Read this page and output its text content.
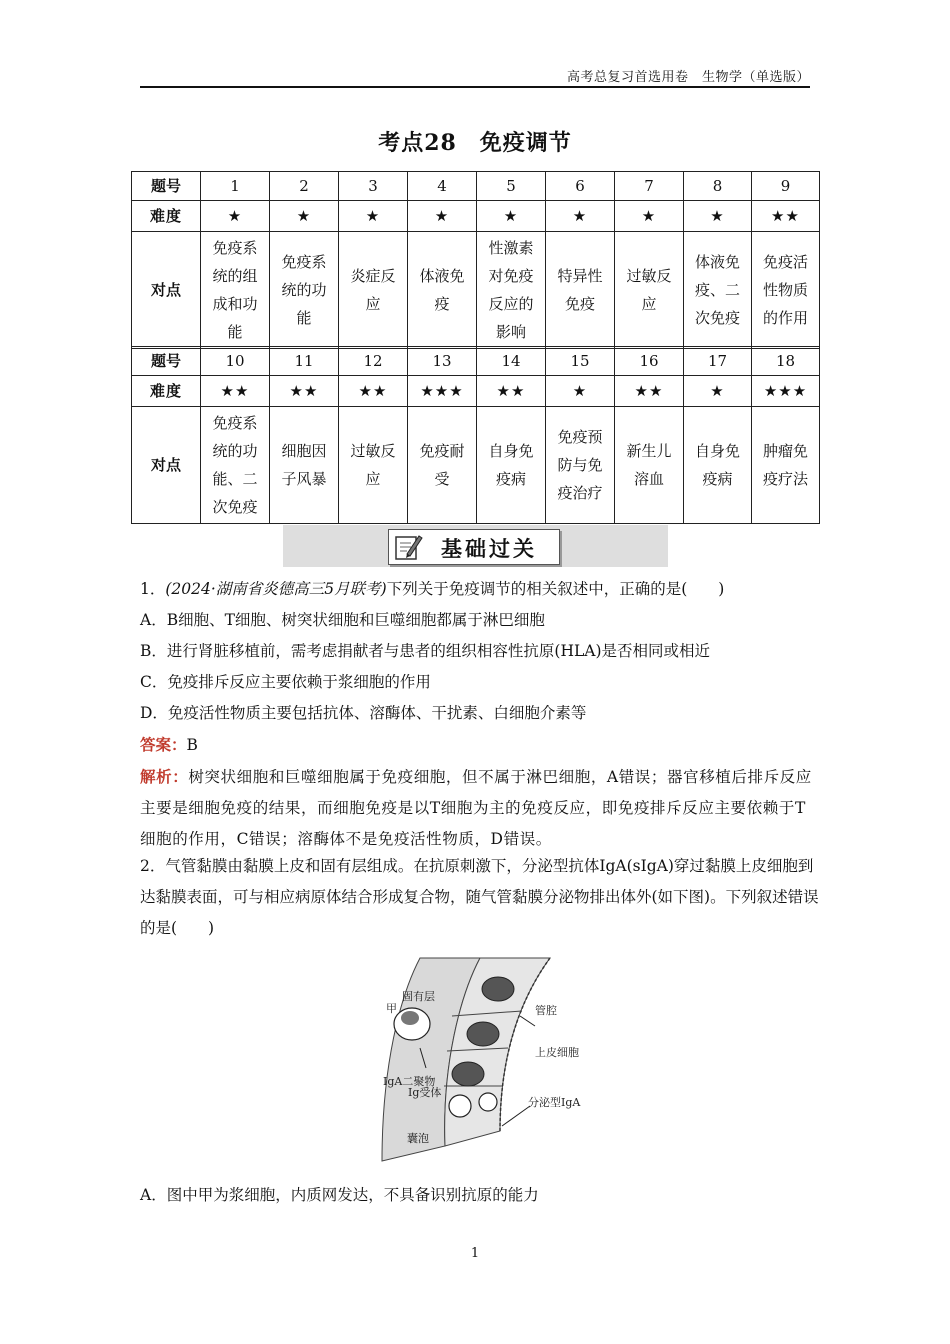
高考总复习首选用卷　生物学（单选版）
考点28　免疫调节
题号	1	2	3	4	5	6	7	8	9
难度	★	★	★	★	★	★	★	★	★★
对点	免疫系统的组成和功能	免疫系统的功能	炎症反应	体液免疫	性激素对免疫反应的影响	特异性免疫	过敏反应	体液免疫、二次免疫	免疫活性物质的作用
题号	10	11	12	13	14	15	16	17	18
难度	★★	★★	★★	★★★	★★	★	★★	★	★★★
对点	免疫系统的功能、二次免疫	细胞因子风暴	过敏反应	免疫耐受	自身免疫病	免疫预防与免疫治疗	新生儿溶血	自身免疫病	肿瘤免疫疗法
基础过关
1．(2024·湖南省炎德高三5月联考)下列关于免疫调节的相关叙述中，正确的是(　　)
A．B细胞、T细胞、树突状细胞和巨噬细胞都属于淋巴细胞
B．进行肾脏移植前，需考虑捐献者与患者的组织相容性抗原(HLA)是否相同或相近
C．免疫排斥反应主要依赖于浆细胞的作用
D．免疫活性物质主要包括抗体、溶酶体、干扰素、白细胞介素等
答案：B
解析：树突状细胞和巨噬细胞属于免疫细胞，但不属于淋巴细胞，A错误；器官移植后排斥反应主要是细胞免疫的结果，而细胞免疫是以T细胞为主的免疫反应，即免疫排斥反应主要依赖于T细胞的作用，C错误；溶酶体不是免疫活性物质，D错误。
2．气管黏膜由黏膜上皮和固有层组成。在抗原刺激下，分泌型抗体IgA(sIgA)穿过黏膜上皮细胞到达黏膜表面，可与相应病原体结合形成复合物，随气管黏膜分泌物排出体外(如下图)。下列叙述错误的是(　　)
固有层
甲	管腔
上皮细胞
IgA二聚物
Ig受体
分泌型IgA
囊泡
A．图中甲为浆细胞，内质网发达，不具备识别抗原的能力
1
